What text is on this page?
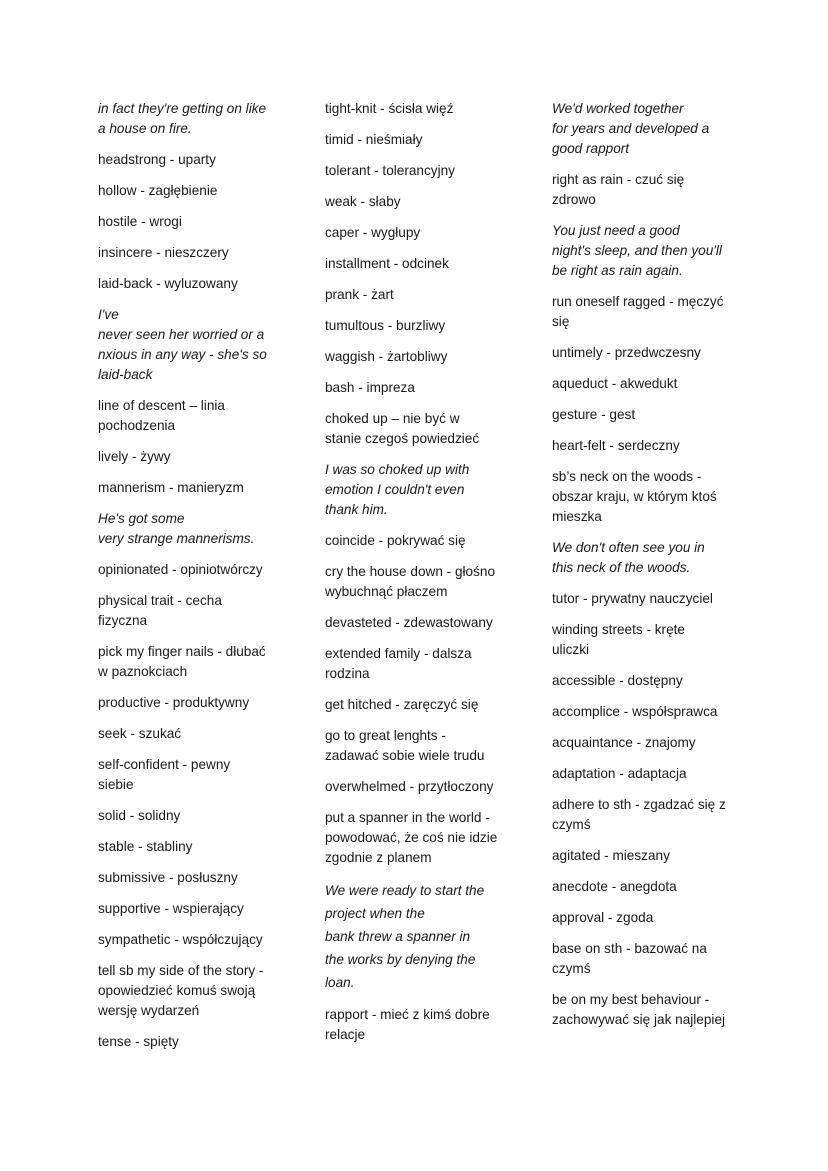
in fact they're getting on like
a house on fire.

headstrong - uparty

hollow - zagłębienie

hostile - wrogi

insincere - nieszczery

laid-back - wyluzowany

I've
never seen her worried or a
nxious in any way - she's so
laid-back

line of descent – linia
pochodzenia

lively - żywy

mannerism - manieryzm

He's got some
very strange mannerisms.

opinionated - opiniotwórczy

physical trait - cecha
fizyczna

pick my finger nails - dłubać
w paznokciach

productive - produktywny

seek - szukać

self-confident - pewny
siebie

solid - solidny

stable - stabliny

submissive - posłuszny

supportive - wspierający

sympathetic - współczujący

tell sb my side of the story -
opowiedzieć komuś swoją
wersję wydarzeń

tense - spięty

tight-knit - ścisła więź

timid - nieśmiały

tolerant - tolerancyjny

weak - słaby

caper - wygłupy

installment - odcinek

prank - żart

tumultous - burzliwy

waggish - żartobliwy

bash - impreza

choked up – nie być w
stanie czegoś powiedzieć

I was so choked up with
emotion I couldn't even
thank him.

coincide - pokrywać się

cry the house down - głośno
wybuchnąć płaczem

devasteted - zdewastowany

extended family - dalsza
rodzina

get hitched - zaręczyć się

go to great lenghts -
zadawać sobie wiele trudu

overwhelmed - przytłoczony

put a spanner in the world -
powodować, że coś nie idzie
zgodnie z planem

We were ready to start the
project when the
bank threw a spanner in
the works by denying the
loan.

rapport - mieć z kimś dobre
relacje

We'd worked together
for years and developed a
good rapport

right as rain - czuć się
zdrowo

You just need a good
night's sleep, and then you'll
be right as rain again.

run oneself ragged - męczyć
się

untimely - przedwczesny

aqueduct - akwedukt

gesture - gest

heart-felt - serdeczny

sb’s neck on the woods -
obszar kraju, w którym ktoś
mieszka

We don't often see you in
this neck of the woods.

tutor - prywatny nauczyciel

winding streets - kręte
uliczki

accessible - dostępny

accomplice - współsprawca

acquaintance - znajomy

adaptation - adaptacja

adhere to sth - zgadzać się z
czymś

agitated - mieszany

anecdote - anegdota

approval - zgoda

base on sth - bazować na
czymś

be on my best behaviour -
zachowywać się jak najlepiej
